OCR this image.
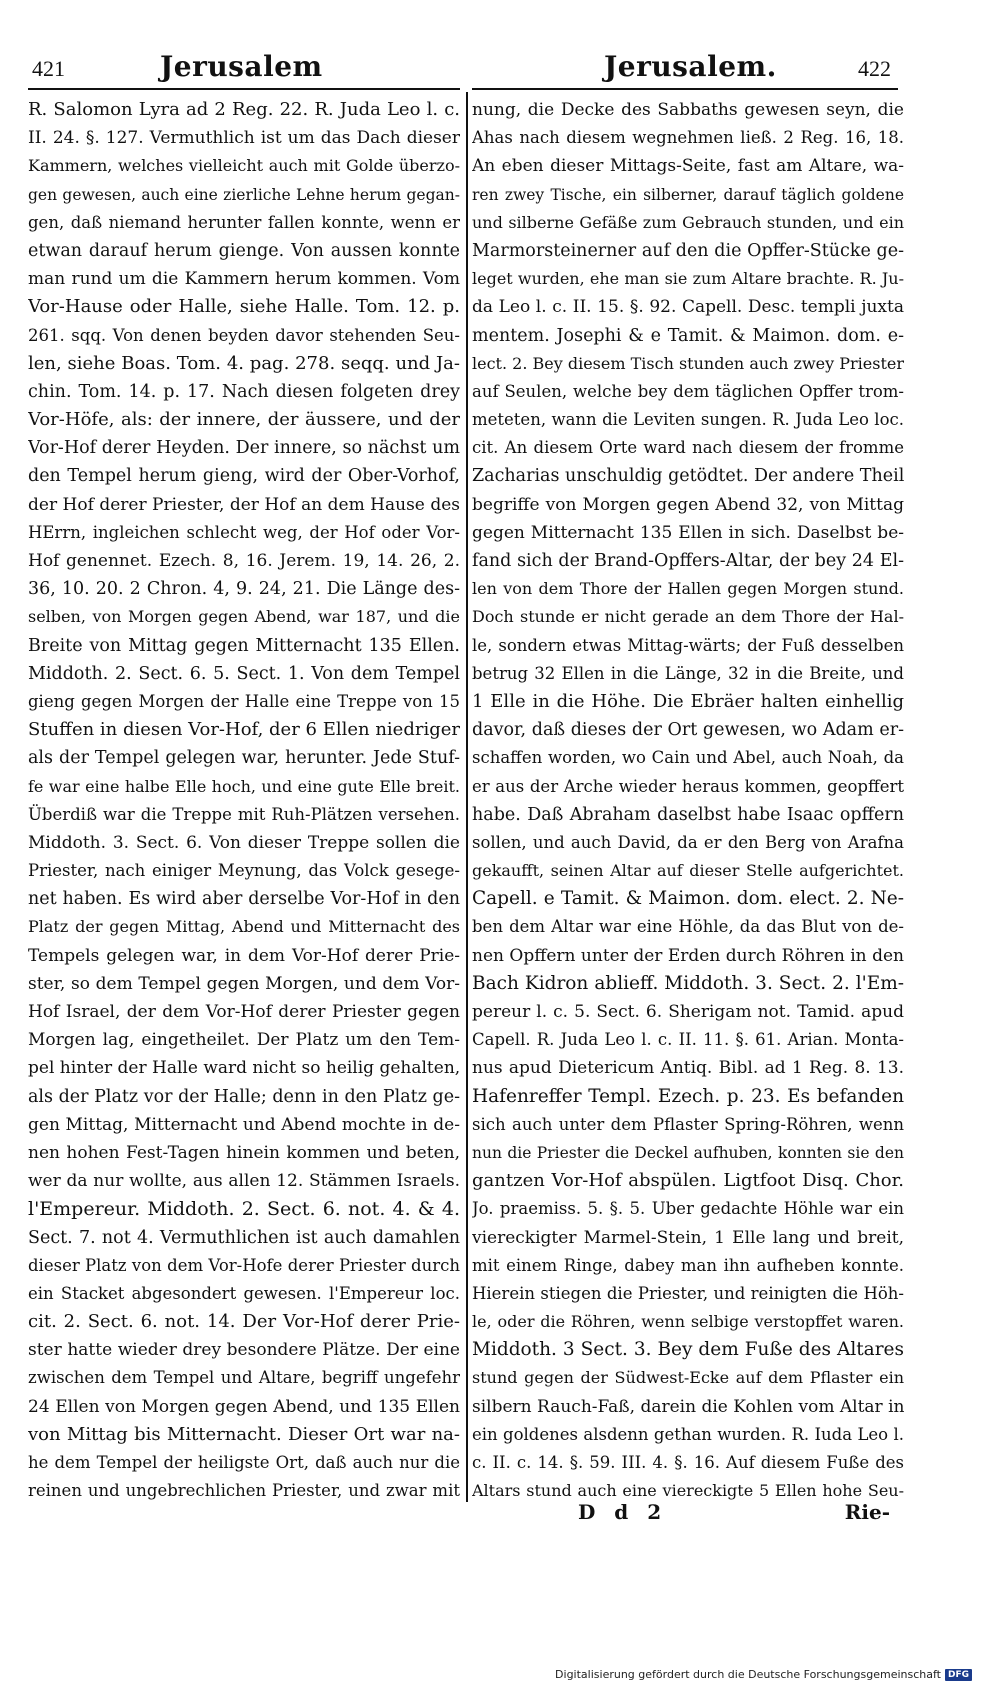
421	Jerusalem	Jerusalem.	422
R. Salomon Lyra ad 2 Reg. 22. R. Juda Leo l. c.
II. 24. §. 127. Vermuthlich ist um das Dach dieser
Kammern, welches vielleicht auch mit Golde überzo-
gen gewesen, auch eine zierliche Lehne herum gegan-
gen, daß niemand herunter fallen konnte, wenn er
etwan darauf herum gienge. Von aussen konnte
man rund um die Kammern herum kommen. Vom
Vor-Hause oder Halle, siehe Halle. Tom. 12. p.
261. sqq. Von denen beyden davor stehenden Seu-
len, siehe Boas. Tom. 4. pag. 278. seqq. und Ja-
chin. Tom. 14. p. 17. Nach diesen folgeten drey
Vor-Höfe, als: der innere, der äussere, und der
Vor-Hof derer Heyden. Der innere, so nächst um
den Tempel herum gieng, wird der Ober-Vorhof,
der Hof derer Priester, der Hof an dem Hause des
HErrn, ingleichen schlecht weg, der Hof oder Vor-
Hof genennet. Ezech. 8, 16. Jerem. 19, 14. 26, 2.
36, 10. 20. 2 Chron. 4, 9. 24, 21. Die Länge des-
selben, von Morgen gegen Abend, war 187, und die
Breite von Mittag gegen Mitternacht 135 Ellen.
Middoth. 2. Sect. 6. 5. Sect. 1. Von dem Tempel
gieng gegen Morgen der Halle eine Treppe von 15
Stuffen in diesen Vor-Hof, der 6 Ellen niedriger
als der Tempel gelegen war, herunter. Jede Stuf-
fe war eine halbe Elle hoch, und eine gute Elle breit.
Überdiß war die Treppe mit Ruh-Plätzen versehen.
Middoth. 3. Sect. 6. Von dieser Treppe sollen die
Priester, nach einiger Meynung, das Volck gesege-
net haben. Es wird aber derselbe Vor-Hof in den
Platz der gegen Mittag, Abend und Mitternacht des
Tempels gelegen war, in dem Vor-Hof derer Prie-
ster, so dem Tempel gegen Morgen, und dem Vor-
Hof Israel, der dem Vor-Hof derer Priester gegen
Morgen lag, eingetheilet. Der Platz um den Tem-
pel hinter der Halle ward nicht so heilig gehalten,
als der Platz vor der Halle; denn in den Platz ge-
gen Mittag, Mitternacht und Abend mochte in de-
nen hohen Fest-Tagen hinein kommen und beten,
wer da nur wollte, aus allen 12. Stämmen Israels.
l'Empereur. Middoth. 2. Sect. 6. not. 4. & 4.
Sect. 7. not 4. Vermuthlichen ist auch damahlen
dieser Platz von dem Vor-Hofe derer Priester durch
ein Stacket abgesondert gewesen. l'Empereur loc.
cit. 2. Sect. 6. not. 14. Der Vor-Hof derer Prie-
ster hatte wieder drey besondere Plätze. Der eine
zwischen dem Tempel und Altare, begriff ungefehr
24 Ellen von Morgen gegen Abend, und 135 Ellen
von Mittag bis Mitternacht. Dieser Ort war na-
he dem Tempel der heiligste Ort, daß auch nur die
reinen und ungebrechlichen Priester, und zwar mit
nung, die Decke des Sabbaths gewesen seyn, die
Ahas nach diesem wegnehmen ließ. 2 Reg. 16, 18.
An eben dieser Mittags-Seite, fast am Altare, wa-
ren zwey Tische, ein silberner, darauf täglich goldene
und silberne Gefäße zum Gebrauch stunden, und ein
Marmorsteinerner auf den die Opffer-Stücke ge-
leget wurden, ehe man sie zum Altare brachte. R. Ju-
da Leo l. c. II. 15. §. 92. Capell. Desc. templi juxta
mentem. Josephi & e Tamit. & Maimon. dom. e-
lect. 2. Bey diesem Tisch stunden auch zwey Priester
auf Seulen, welche bey dem täglichen Opffer trom-
meteten, wann die Leviten sungen. R. Juda Leo loc.
cit. An diesem Orte ward nach diesem der fromme
Zacharias unschuldig getödtet. Der andere Theil
begriffe von Morgen gegen Abend 32, von Mittag
gegen Mitternacht 135 Ellen in sich. Daselbst be-
fand sich der Brand-Opffers-Altar, der bey 24 El-
len von dem Thore der Hallen gegen Morgen stund.
Doch stunde er nicht gerade an dem Thore der Hal-
le, sondern etwas Mittag-wärts; der Fuß desselben
betrug 32 Ellen in die Länge, 32 in die Breite, und
1 Elle in die Höhe. Die Ebräer halten einhellig
davor, daß dieses der Ort gewesen, wo Adam er-
schaffen worden, wo Cain und Abel, auch Noah, da
er aus der Arche wieder heraus kommen, geopffert
habe. Daß Abraham daselbst habe Isaac opffern
sollen, und auch David, da er den Berg von Arafna
gekaufft, seinen Altar auf dieser Stelle aufgerichtet.
Capell. e Tamit. & Maimon. dom. elect. 2. Ne-
ben dem Altar war eine Höhle, da das Blut von de-
nen Opffern unter der Erden durch Röhren in den
Bach Kidron ablieff. Middoth. 3. Sect. 2. l'Em-
pereur l. c. 5. Sect. 6. Sherigam not. Tamid. apud
Capell. R. Juda Leo l. c. II. 11. §. 61. Arian. Monta-
nus apud Dietericum Antiq. Bibl. ad 1 Reg. 8. 13.
Hafenreffer Templ. Ezech. p. 23. Es befanden
sich auch unter dem Pflaster Spring-Röhren, wenn
nun die Priester die Deckel aufhuben, konnten sie den
gantzen Vor-Hof abspülen. Ligtfoot Disq. Chor.
Jo. praemiss. 5. §. 5. Uber gedachte Höhle war ein
viereckigter Marmel-Stein, 1 Elle lang und breit,
mit einem Ringe, dabey man ihn aufheben konnte.
Hierein stiegen die Priester, und reinigten die Höh-
le, oder die Röhren, wenn selbige verstopffet waren.
Middoth. 3 Sect. 3. Bey dem Fuße des Altares
stund gegen der Südwest-Ecke auf dem Pflaster ein
silbern Rauch-Faß, darein die Kohlen vom Altar in
ein goldenes alsdenn gethan wurden. R. Iuda Leo l.
c. II. c. 14. §. 59. III. 4. §. 16. Auf diesem Fuße des
Altars stund auch eine viereckigte 5 Ellen hohe Seu-
D d 2	Rie-
Digitalisierung gefördert durch die Deutsche Forschungsgemeinschaft DFG
